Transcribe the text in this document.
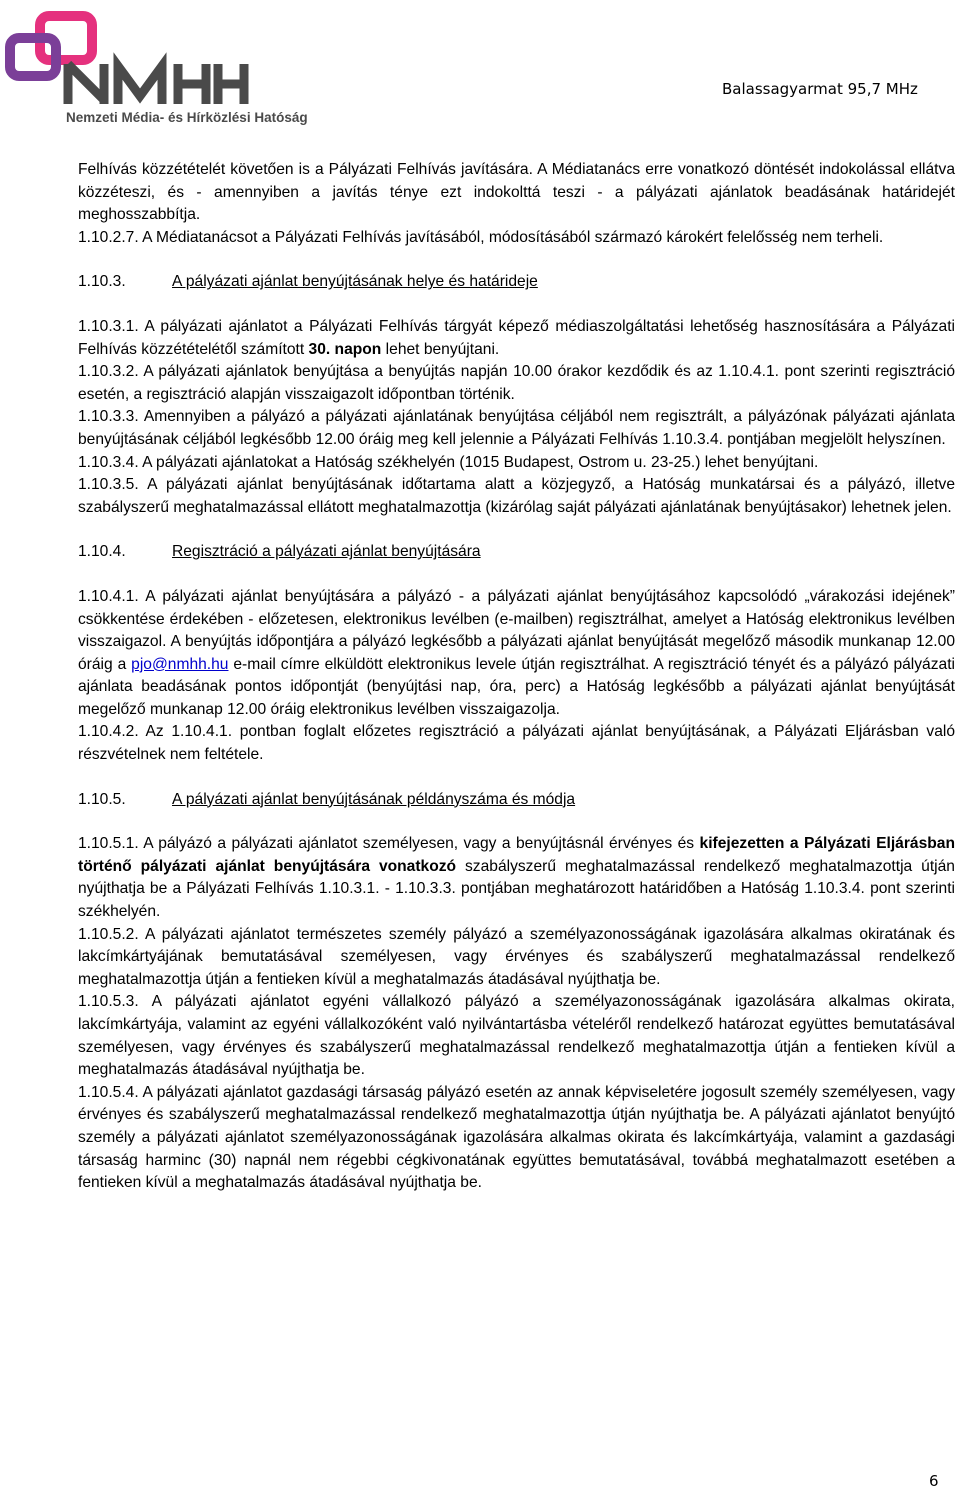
Nemzeti Média- és Hírközlési Hatóság
Balassagyarmat 95,7 MHz

Felhívás közzétételét követően is a Pályázati Felhívás javítására. A Médiatanács erre vonatkozó döntését indokolással ellátva közzéteszi, és - amennyiben a javítás ténye ezt indokolttá teszi - a pályázati ajánlatok beadásának határidejét meghosszabbítja.

1.10.2.7. A Médiatanácsot a Pályázati Felhívás javításából, módosításából származó károkért felelősség nem terheli.

1.10.3.	A pályázati ajánlat benyújtásának helye és határideje

1.10.3.1. A pályázati ajánlatot a Pályázati Felhívás tárgyát képező médiaszolgáltatási lehetőség hasznosítására a Pályázati Felhívás közzétételétől számított 30. napon lehet benyújtani.

1.10.3.2. A pályázati ajánlatok benyújtása a benyújtás napján 10.00 órakor kezdődik és az 1.10.4.1. pont szerinti regisztráció esetén, a regisztráció alapján visszaigazolt időpontban történik.

1.10.3.3. Amennyiben a pályázó a pályázati ajánlatának benyújtása céljából nem regisztrált, a pályázónak pályázati ajánlata benyújtásának céljából legkésőbb 12.00 óráig meg kell jelennie a Pályázati Felhívás 1.10.3.4. pontjában megjelölt helyszínen.

1.10.3.4. A pályázati ajánlatokat a Hatóság székhelyén (1015 Budapest, Ostrom u. 23-25.) lehet benyújtani.

1.10.3.5. A pályázati ajánlat benyújtásának időtartama alatt a közjegyző, a Hatóság munkatársai és a pályázó, illetve szabályszerű meghatalmazással ellátott meghatalmazottja (kizárólag saját pályázati ajánlatának benyújtásakor) lehetnek jelen.

1.10.4.	Regisztráció a pályázati ajánlat benyújtására

1.10.4.1. A pályázati ajánlat benyújtására a pályázó - a pályázati ajánlat benyújtásához kapcsolódó „várakozási idejének” csökkentése érdekében - előzetesen, elektronikus levélben (e-mailben) regisztrálhat, amelyet a Hatóság elektronikus levélben visszaigazol. A benyújtás időpontjára a pályázó legkésőbb a pályázati ajánlat benyújtását megelőző második munkanap 12.00 óráig a pjo@nmhh.hu e-mail címre elküldött elektronikus levele útján regisztrálhat. A regisztráció tényét és a pályázó pályázati ajánlata beadásának pontos időpontját (benyújtási nap, óra, perc) a Hatóság legkésőbb a pályázati ajánlat benyújtását megelőző munkanap 12.00 óráig elektronikus levélben visszaigazolja.

1.10.4.2. Az 1.10.4.1. pontban foglalt előzetes regisztráció a pályázati ajánlat benyújtásának, a Pályázati Eljárásban való részvételnek nem feltétele.

1.10.5.	A pályázati ajánlat benyújtásának példányszáma és módja

1.10.5.1. A pályázó a pályázati ajánlatot személyesen, vagy a benyújtásnál érvényes és kifejezetten a Pályázati Eljárásban történő pályázati ajánlat benyújtására vonatkozó szabályszerű meghatalmazással rendelkező meghatalmazottja útján nyújthatja be a Pályázati Felhívás 1.10.3.1. - 1.10.3.3. pontjában meghatározott határidőben a Hatóság 1.10.3.4. pont szerinti székhelyén.

1.10.5.2. A pályázati ajánlatot természetes személy pályázó a személyazonosságának igazolására alkalmas okiratának és lakcímkártyájának bemutatásával személyesen, vagy érvényes és szabályszerű meghatalmazással rendelkező meghatalmazottja útján a fentieken kívül a meghatalmazás átadásával nyújthatja be.

1.10.5.3. A pályázati ajánlatot egyéni vállalkozó pályázó a személyazonosságának igazolására alkalmas okirata, lakcímkártyája, valamint az egyéni vállalkozóként való nyilvántartásba vételéről rendelkező határozat együttes bemutatásával személyesen, vagy érvényes és szabályszerű meghatalmazással rendelkező meghatalmazottja útján a fentieken kívül a meghatalmazás átadásával nyújthatja be.

1.10.5.4. A pályázati ajánlatot gazdasági társaság pályázó esetén az annak képviseletére jogosult személy személyesen, vagy érvényes és szabályszerű meghatalmazással rendelkező meghatalmazottja útján nyújthatja be. A pályázati ajánlatot benyújtó személy a pályázati ajánlatot személyazonosságának igazolására alkalmas okirata és lakcímkártyája, valamint a gazdasági társaság harminc (30) napnál nem régebbi cégkivonatának együttes bemutatásával, továbbá meghatalmazott esetében a fentieken kívül a meghatalmazás átadásával nyújthatja be.

6
